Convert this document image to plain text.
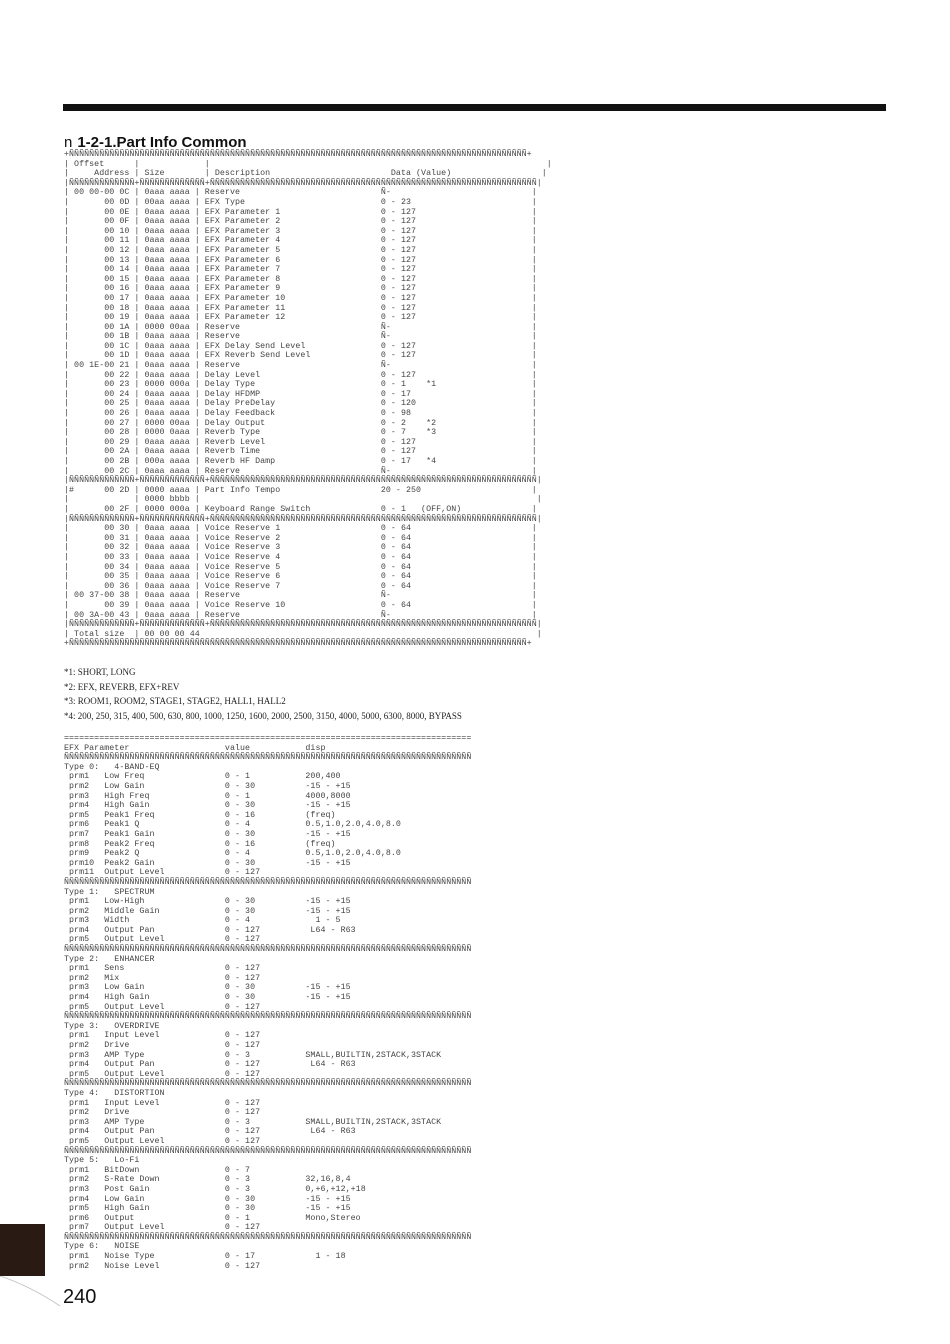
n 1-2-1.Part Info Common
+ÑÑÑÑÑÑÑÑÑÑÑÑÑÑÑÑÑÑÑÑÑÑÑÑÑÑÑÑÑÑÑÑÑÑÑÑÑÑÑÑÑÑÑÑÑÑÑÑÑÑÑÑÑÑÑÑÑÑÑÑÑÑÑÑÑÑÑÑÑÑÑÑÑÑÑÑÑÑÑÑÑÑÑÑÑÑÑÑÑÑÑ+
| Offset      |             |                                                                   |
|     Address | Size        | Description                        Data (Value)                  |
|ÑÑÑÑÑÑÑÑÑÑÑÑÑ+ÑÑÑÑÑÑÑÑÑÑÑÑÑ+ÑÑÑÑÑÑÑÑÑÑÑÑÑÑÑÑÑÑÑÑÑÑÑÑÑÑÑÑÑÑÑÑÑÑÑÑÑÑÑÑÑÑÑÑÑÑÑÑÑÑÑÑÑÑÑÑÑÑÑÑÑÑÑÑÑ|
| 00 00-00 0C | 0aaa aaaa | Reserve                            Ñ-                            |
|       00 0D | 00aa aaaa | EFX Type                           0 - 23                        |
|       00 0E | 0aaa aaaa | EFX Parameter 1                    0 - 127                       |
|       00 0F | 0aaa aaaa | EFX Parameter 2                    0 - 127                       |
|       00 10 | 0aaa aaaa | EFX Parameter 3                    0 - 127                       |
|       00 11 | 0aaa aaaa | EFX Parameter 4                    0 - 127                       |
|       00 12 | 0aaa aaaa | EFX Parameter 5                    0 - 127                       |
|       00 13 | 0aaa aaaa | EFX Parameter 6                    0 - 127                       |
|       00 14 | 0aaa aaaa | EFX Parameter 7                    0 - 127                       |
|       00 15 | 0aaa aaaa | EFX Parameter 8                    0 - 127                       |
|       00 16 | 0aaa aaaa | EFX Parameter 9                    0 - 127                       |
|       00 17 | 0aaa aaaa | EFX Parameter 10                   0 - 127                       |
|       00 18 | 0aaa aaaa | EFX Parameter 11                   0 - 127                       |
|       00 19 | 0aaa aaaa | EFX Parameter 12                   0 - 127                       |
|       00 1A | 0000 00aa | Reserve                            Ñ-                            |
|       00 1B | 0aaa aaaa | Reserve                            Ñ-                            |
|       00 1C | 0aaa aaaa | EFX Delay Send Level               0 - 127                       |
|       00 1D | 0aaa aaaa | EFX Reverb Send Level              0 - 127                       |
| 00 1E-00 21 | 0aaa aaaa | Reserve                            Ñ-                            |
|       00 22 | 0aaa aaaa | Delay Level                        0 - 127                       |
|       00 23 | 0000 000a | Delay Type                         0 - 1    *1                   |
|       00 24 | 0aaa aaaa | Delay HFDMP                        0 - 17                        |
|       00 25 | 0aaa aaaa | Delay PreDelay                     0 - 120                       |
|       00 26 | 0aaa aaaa | Delay Feedback                     0 - 98                        |
|       00 27 | 0000 00aa | Delay Output                       0 - 2    *2                   |
|       00 28 | 0000 0aaa | Reverb Type                        0 - 7    *3                   |
|       00 29 | 0aaa aaaa | Reverb Level                       0 - 127                       |
|       00 2A | 0aaa aaaa | Reverb Time                        0 - 127                       |
|       00 2B | 000a aaaa | Reverb HF Damp                     0 - 17   *4                   |
|       00 2C | 0aaa aaaa | Reserve                            Ñ-                            |
|ÑÑÑÑÑÑÑÑÑÑÑÑÑ+ÑÑÑÑÑÑÑÑÑÑÑÑÑ+ÑÑÑÑÑÑÑÑÑÑÑÑÑÑÑÑÑÑÑÑÑÑÑÑÑÑÑÑÑÑÑÑÑÑÑÑÑÑÑÑÑÑÑÑÑÑÑÑÑÑÑÑÑÑÑÑÑÑÑÑÑÑÑÑÑ|
|#      00 2D | 0000 aaaa | Part Info Tempo                    20 - 250                      |
|             | 0000 bbbb |                                                                   |
|       00 2F | 0000 000a | Keyboard Range Switch              0 - 1   (OFF,ON)              |
|ÑÑÑÑÑÑÑÑÑÑÑÑÑ+ÑÑÑÑÑÑÑÑÑÑÑÑÑ+ÑÑÑÑÑÑÑÑÑÑÑÑÑÑÑÑÑÑÑÑÑÑÑÑÑÑÑÑÑÑÑÑÑÑÑÑÑÑÑÑÑÑÑÑÑÑÑÑÑÑÑÑÑÑÑÑÑÑÑÑÑÑÑÑÑ|
|       00 30 | 0aaa aaaa | Voice Reserve 1                    0 - 64                        |
|       00 31 | 0aaa aaaa | Voice Reserve 2                    0 - 64                        |
|       00 32 | 0aaa aaaa | Voice Reserve 3                    0 - 64                        |
|       00 33 | 0aaa aaaa | Voice Reserve 4                    0 - 64                        |
|       00 34 | 0aaa aaaa | Voice Reserve 5                    0 - 64                        |
|       00 35 | 0aaa aaaa | Voice Reserve 6                    0 - 64                        |
|       00 36 | 0aaa aaaa | Voice Reserve 7                    0 - 64                        |
| 00 37-00 38 | 0aaa aaaa | Reserve                            Ñ-                            |
|       00 39 | 0aaa aaaa | Voice Reserve 10                   0 - 64                        |
| 00 3A-00 43 | 0aaa aaaa | Reserve                            Ñ-                            |
|ÑÑÑÑÑÑÑÑÑÑÑÑÑ+ÑÑÑÑÑÑÑÑÑÑÑÑÑ+ÑÑÑÑÑÑÑÑÑÑÑÑÑÑÑÑÑÑÑÑÑÑÑÑÑÑÑÑÑÑÑÑÑÑÑÑÑÑÑÑÑÑÑÑÑÑÑÑÑÑÑÑÑÑÑÑÑÑÑÑÑÑÑÑÑ|
| Total size  | 00 00 00 44                                                                   |
+ÑÑÑÑÑÑÑÑÑÑÑÑÑÑÑÑÑÑÑÑÑÑÑÑÑÑÑÑÑÑÑÑÑÑÑÑÑÑÑÑÑÑÑÑÑÑÑÑÑÑÑÑÑÑÑÑÑÑÑÑÑÑÑÑÑÑÑÑÑÑÑÑÑÑÑÑÑÑÑÑÑÑÑÑÑÑÑÑÑÑÑ+

*1: SHORT, LONG
*2: EFX, REVERB, EFX+REV
*3: ROOM1, ROOM2, STAGE1, STAGE2, HALL1, HALL2
*4: 200, 250, 315, 400, 500, 630, 800, 1000, 1250, 1600, 2000, 2500, 3150, 4000, 5000, 6300, 8000, BYPASS
=================================================================================
EFX Parameter                   value           disp
ÑÑÑÑÑÑÑÑÑÑÑÑÑÑÑÑÑÑÑÑÑÑÑÑÑÑÑÑÑÑÑÑÑÑÑÑÑÑÑÑÑÑÑÑÑÑÑÑÑÑÑÑÑÑÑÑÑÑÑÑÑÑÑÑÑÑÑÑÑÑÑÑÑÑÑÑÑÑÑÑÑ
Type 0:   4-BAND-EQ
prm1   Low Freq                0 - 1           200,400
prm2   Low Gain                0 - 30          -15 - +15
prm3   High Freq               0 - 1           4000,8000
prm4   High Gain               0 - 30          -15 - +15
prm5   Peak1 Freq              0 - 16          (freq)
prm6   Peak1 Q                 0 - 4           0.5,1.0,2.0,4.0,8.0
prm7   Peak1 Gain              0 - 30          -15 - +15
prm8   Peak2 Freq              0 - 16          (freq)
prm9   Peak2 Q                 0 - 4           0.5,1.0,2.0,4.0,8.0
prm10  Peak2 Gain              0 - 30          -15 - +15
prm11  Output Level            0 - 127
ÑÑÑÑÑÑÑÑÑÑÑÑÑÑÑÑÑÑÑÑÑÑÑÑÑÑÑÑÑÑÑÑÑÑÑÑÑÑÑÑÑÑÑÑÑÑÑÑÑÑÑÑÑÑÑÑÑÑÑÑÑÑÑÑÑÑÑÑÑÑÑÑÑÑÑÑÑÑÑÑÑ
Type 1:   SPECTRUM
prm1   Low-High                0 - 30          -15 - +15
prm2   Middle Gain             0 - 30          -15 - +15
prm3   Width                   0 - 4             1 - 5
prm4   Output Pan              0 - 127          L64 - R63
prm5   Output Level            0 - 127
ÑÑÑÑÑÑÑÑÑÑÑÑÑÑÑÑÑÑÑÑÑÑÑÑÑÑÑÑÑÑÑÑÑÑÑÑÑÑÑÑÑÑÑÑÑÑÑÑÑÑÑÑÑÑÑÑÑÑÑÑÑÑÑÑÑÑÑÑÑÑÑÑÑÑÑÑÑÑÑÑÑ
Type 2:   ENHANCER
prm1   Sens                    0 - 127
prm2   Mix                     0 - 127
prm3   Low Gain                0 - 30          -15 - +15
prm4   High Gain               0 - 30          -15 - +15
prm5   Output Level            0 - 127
ÑÑÑÑÑÑÑÑÑÑÑÑÑÑÑÑÑÑÑÑÑÑÑÑÑÑÑÑÑÑÑÑÑÑÑÑÑÑÑÑÑÑÑÑÑÑÑÑÑÑÑÑÑÑÑÑÑÑÑÑÑÑÑÑÑÑÑÑÑÑÑÑÑÑÑÑÑÑÑÑÑ
Type 3:   OVERDRIVE
prm1   Input Level             0 - 127
prm2   Drive                   0 - 127
prm3   AMP Type                0 - 3           SMALL,BUILTIN,2STACK,3STACK
prm4   Output Pan              0 - 127          L64 - R63
prm5   Output Level            0 - 127
ÑÑÑÑÑÑÑÑÑÑÑÑÑÑÑÑÑÑÑÑÑÑÑÑÑÑÑÑÑÑÑÑÑÑÑÑÑÑÑÑÑÑÑÑÑÑÑÑÑÑÑÑÑÑÑÑÑÑÑÑÑÑÑÑÑÑÑÑÑÑÑÑÑÑÑÑÑÑÑÑÑ
Type 4:   DISTORTION
prm1   Input Level             0 - 127
prm2   Drive                   0 - 127
prm3   AMP Type                0 - 3           SMALL,BUILTIN,2STACK,3STACK
prm4   Output Pan              0 - 127          L64 - R63
prm5   Output Level            0 - 127
ÑÑÑÑÑÑÑÑÑÑÑÑÑÑÑÑÑÑÑÑÑÑÑÑÑÑÑÑÑÑÑÑÑÑÑÑÑÑÑÑÑÑÑÑÑÑÑÑÑÑÑÑÑÑÑÑÑÑÑÑÑÑÑÑÑÑÑÑÑÑÑÑÑÑÑÑÑÑÑÑÑ
Type 5:   Lo-Fi
prm1   BitDown                 0 - 7
prm2   S-Rate Down             0 - 3           32,16,8,4
prm3   Post Gain               0 - 3           0,+6,+12,+18
prm4   Low Gain                0 - 30          -15 - +15
prm5   High Gain               0 - 30          -15 - +15
prm6   Output                  0 - 1           Mono,Stereo
prm7   Output Level            0 - 127
ÑÑÑÑÑÑÑÑÑÑÑÑÑÑÑÑÑÑÑÑÑÑÑÑÑÑÑÑÑÑÑÑÑÑÑÑÑÑÑÑÑÑÑÑÑÑÑÑÑÑÑÑÑÑÑÑÑÑÑÑÑÑÑÑÑÑÑÑÑÑÑÑÑÑÑÑÑÑÑÑÑ
Type 6:   NOISE
prm1   Noise Type              0 - 17            1 - 18
prm2   Noise Level             0 - 127

240
